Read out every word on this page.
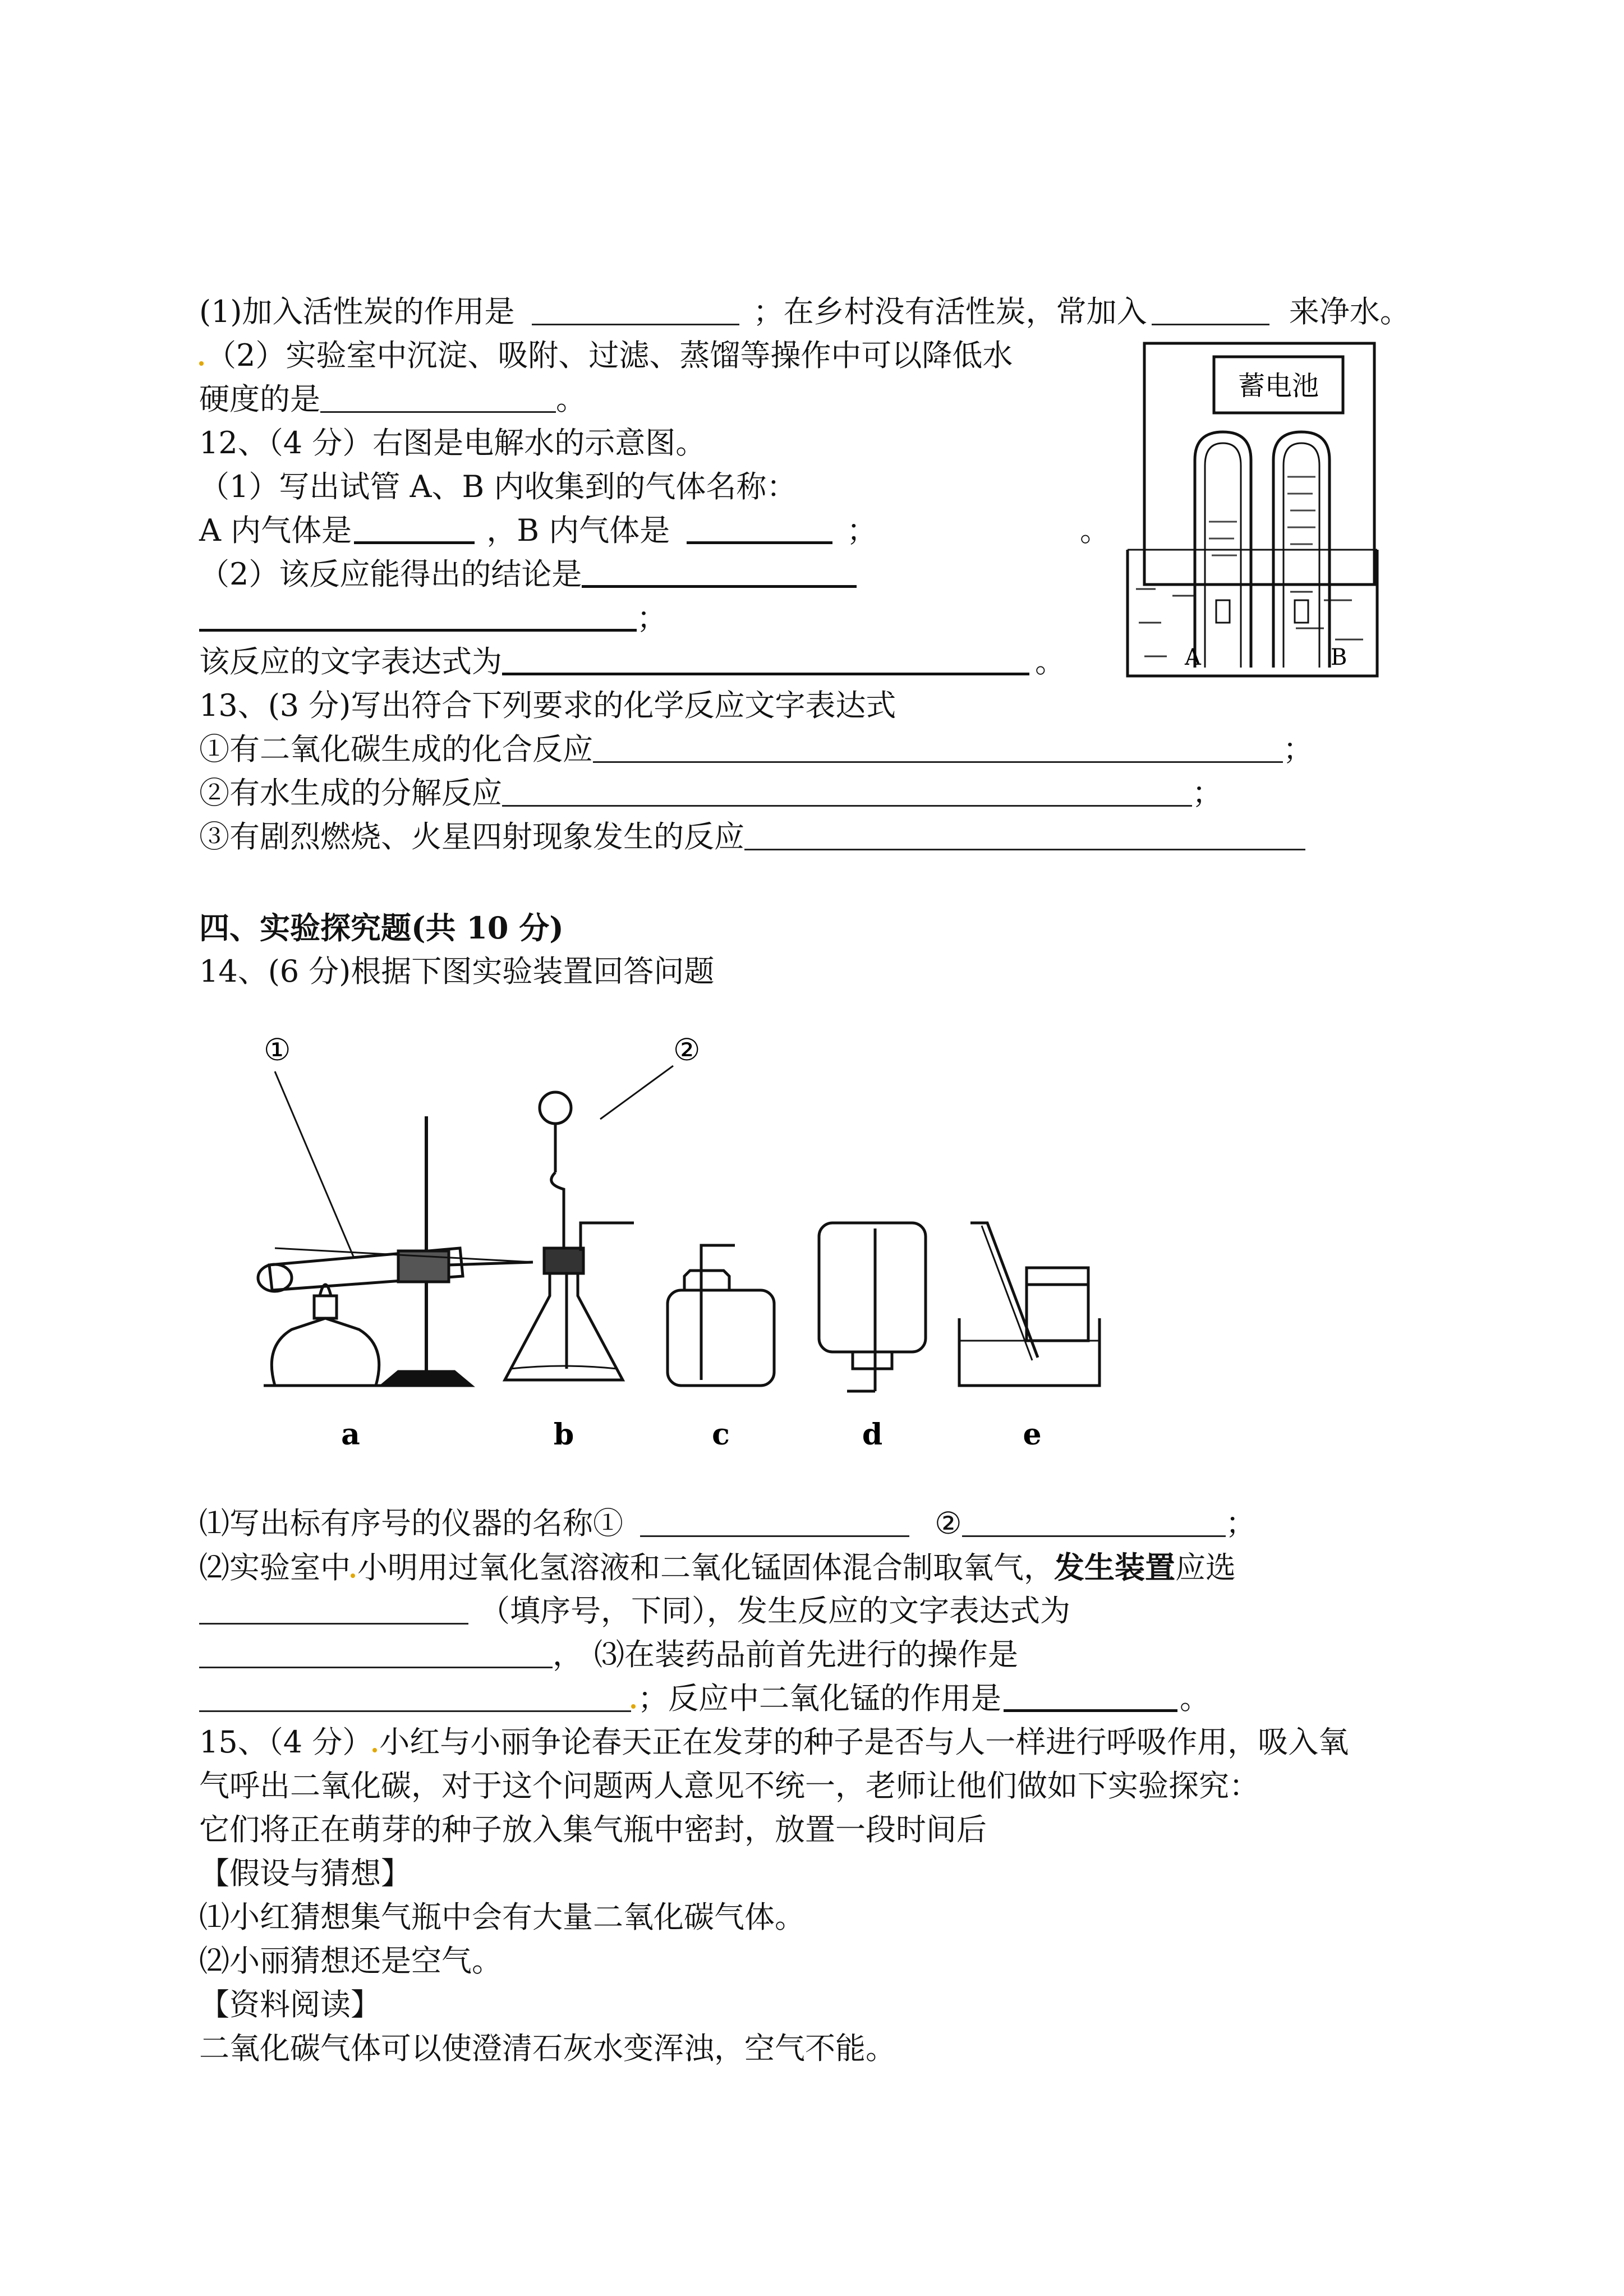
(1)加入活性炭的作用是	；在乡村没有活性炭，常加入	来净水。
（2）实验室中沉淀、吸附、过滤、蒸馏等操作中可以降低水
硬度的是	。
12、（4 分）右图是电解水的示意图。
（1）写出试管 A、B 内收集到的气体名称：
A 内气体是	，B 内气体是	；	。
（2）该反应能得出的结论是
；
该反应的文字表达式为	。
蓄电池
A	B
13、(3 分)写出符合下列要求的化学反应文字表达式
①有二氧化碳生成的化合反应	；
②有水生成的分解反应	；
③有剧烈燃烧、火星四射现象发生的反应
四、实验探究题(共 10 分)
14、(6 分)根据下图实验装置回答问题
①	②
a	b	c	d	e
⑴写出标有序号的仪器的名称①	②	；
⑵实验室中 小明用过氧化氢溶液和二氧化锰固体混合制取氧气，发生装置应选
（填序号，下同），发生反应的文字表达式为
， ⑶在装药品前首先进行的操作是
；反应中二氧化锰的作用是	。
15、（4 分） 小红与小丽争论春天正在发芽的种子是否与人一样进行呼吸作用，吸入氧
气呼出二氧化碳，对于这个问题两人意见不统一，老师让他们做如下实验探究：
它们将正在萌芽的种子放入集气瓶中密封，放置一段时间后
【假设与猜想】
⑴小红猜想集气瓶中会有大量二氧化碳气体。
⑵小丽猜想还是空气。
【资料阅读】
二氧化碳气体可以使澄清石灰水变浑浊，空气不能。
